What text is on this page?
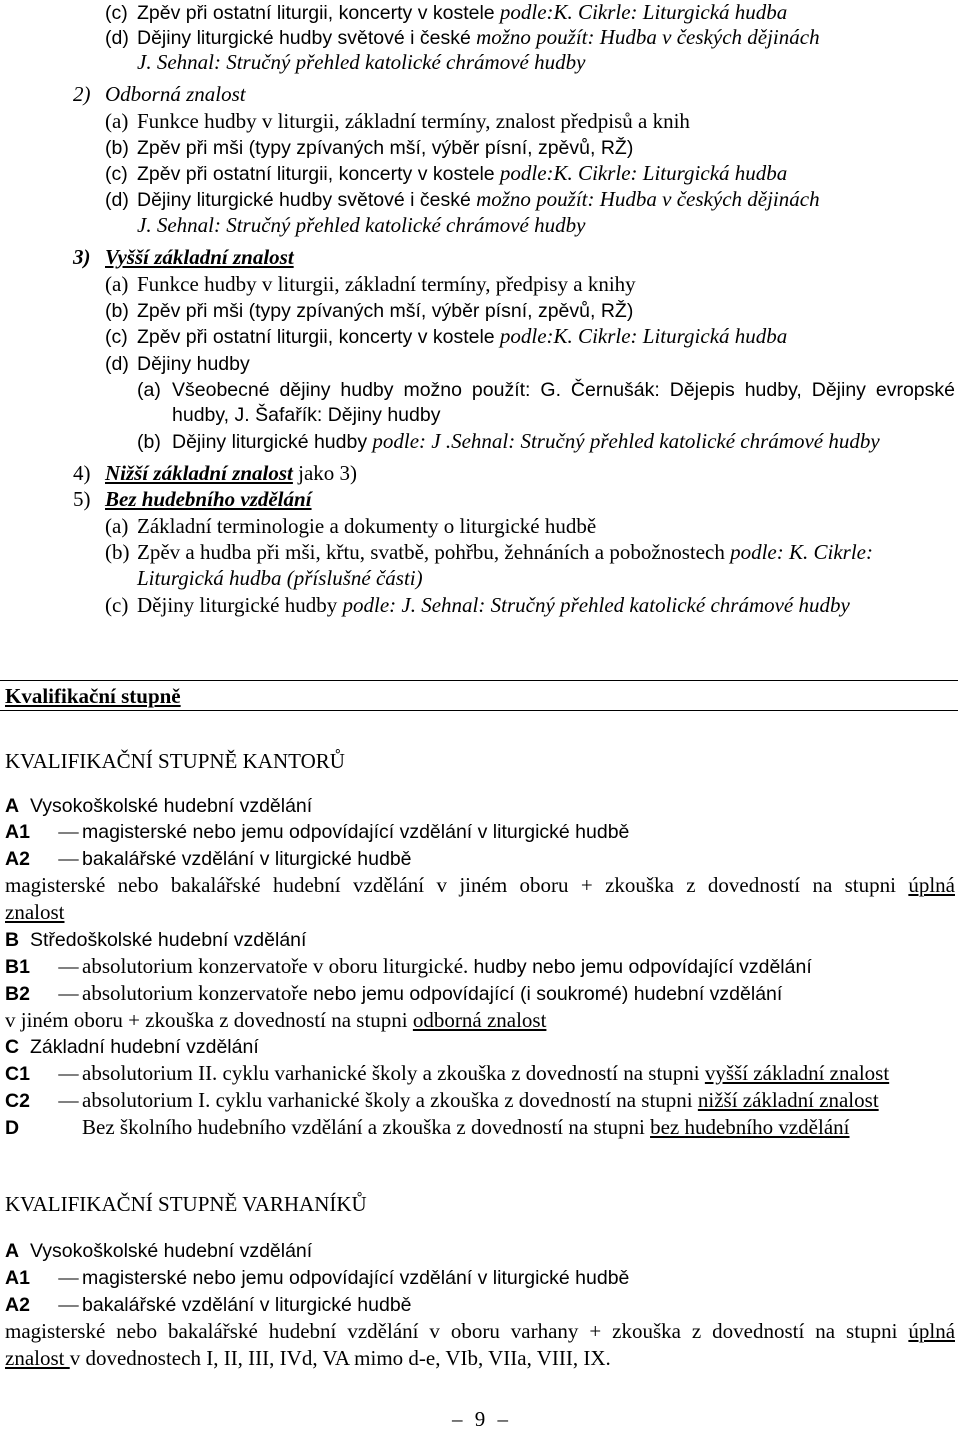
(c) Zpěv při ostatní liturgii, koncerty v kostele podle:K. Cikrle: Liturgická hudba
(d) Dějiny liturgické hudby světové i české možno použít: Hudba v českých dějinách
J. Sehnal: Stručný přehled katolické chrámové hudby
2) Odborná znalost
(a) Funkce hudby v liturgii, základní termíny, znalost předpisů a knih
(b) Zpěv při mši (typy zpívaných mší, výběr písní, zpěvů, RŽ)
(c) Zpěv při ostatní liturgii, koncerty v kostele podle:K. Cikrle: Liturgická hudba
(d) Dějiny liturgické hudby světové i české možno použít: Hudba v českých dějinách
J. Sehnal: Stručný přehled katolické chrámové hudby
3) Vyšší základní znalost
(a) Funkce hudby v liturgii, základní termíny, předpisy a knihy
(b) Zpěv při mši (typy zpívaných mší, výběr písní, zpěvů, RŽ)
(c) Zpěv při ostatní liturgii, koncerty v kostele podle:K. Cikrle: Liturgická hudba
(d) Dějiny hudby
(a) Všeobecné dějiny hudby možno použít: G. Černušák: Dějepis hudby, Dějiny evropské
hudby, J. Šafařík: Dějiny hudby
(b) Dějiny liturgické hudby podle: J .Sehnal: Stručný přehled katolické chrámové hudby
4) Nižší základní znalost jako 3)
5) Bez hudebního vzdělání
(a) Základní terminologie a dokumenty o liturgické hudbě
(b) Zpěv a hudba při mši, křtu, svatbě, pohřbu, žehnáních a pobožnostech podle: K. Cikrle:
Liturgická hudba (příslušné části)
(c) Dějiny liturgické hudby podle: J. Sehnal: Stručný přehled katolické chrámové hudby
Kvalifikační stupně
KVALIFIKAČNÍ STUPNĚ KANTORŮ
A Vysokoškolské hudební vzdělání
A1 – magisterské nebo jemu odpovídající vzdělání v liturgické hudbě
A2 – bakalářské vzdělání v liturgické hudbě
magisterské nebo bakalářské hudební vzdělání v jiném oboru + zkouška z dovedností na stupni úplná
znalost
B Středoškolské hudební vzdělání
B1 – absolutorium konzervatoře v oboru liturgické. hudby nebo jemu odpovídající vzdělání
B2 – absolutorium konzervatoře nebo jemu odpovídající (i soukromé) hudební vzdělání
v jiném oboru + zkouška z dovedností na stupni odborná znalost
C Základní hudební vzdělání
C1 – absolutorium II. cyklu varhanické školy a zkouška z dovedností na stupni vyšší základní znalost
C2 – absolutorium I. cyklu varhanické školy a zkouška z dovedností na stupni nižší základní znalost
D	Bez školního hudebního vzdělání a zkouška z dovedností na stupni bez hudebního vzdělání
KVALIFIKAČNÍ STUPNĚ VARHANÍKŮ
A Vysokoškolské hudební vzdělání
A1 – magisterské nebo jemu odpovídající vzdělání v liturgické hudbě
A2 – bakalářské vzdělání v liturgické hudbě
magisterské nebo bakalářské hudební vzdělání v oboru varhany + zkouška z dovedností na stupni úplná
znalost v dovednostech I, II, III, IVd, VA mimo d-e, VIb, VIIa, VIII, IX.
– 9 –
